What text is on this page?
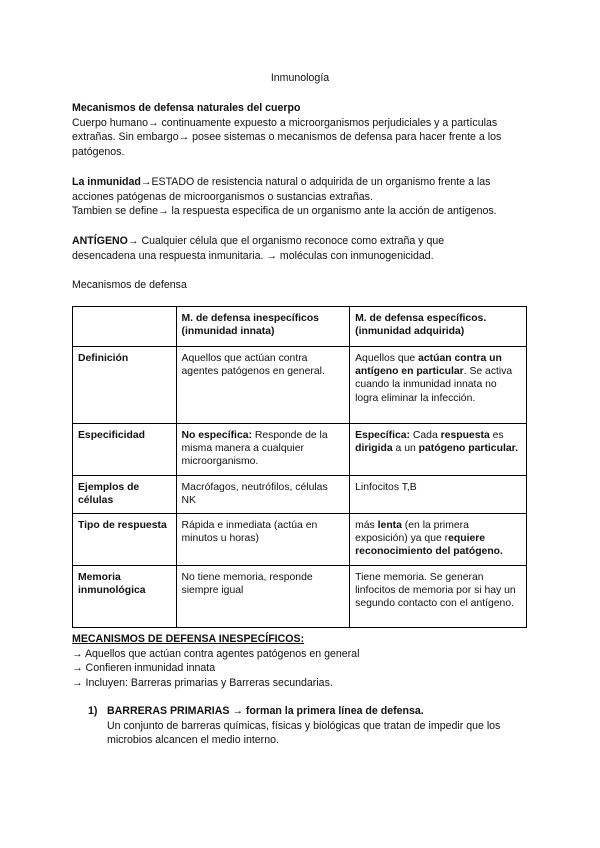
Inmunología
Mecanismos de defensa naturales del cuerpo
Cuerpo humano→ continuamente expuesto a microorganismos perjudiciales y a partículas
extrañas. Sin embargo→ posee sistemas o mecanismos de defensa para hacer frente a los
patógenos.
La inmunidad→ESTADO de resistencia natural o adquirida de un organismo frente a las
acciones patógenas de microorganismos o sustancias extrañas.
Tambien se define→ la respuesta especifica de un organismo ante la acción de antígenos.
ANTÍGENO→ Cualquier célula que el organismo reconoce como extraña y que
desencadena una respuesta inmunitaria. → moléculas con inmunogenicidad.
Mecanismos de defensa
	M. de defensa inespecíficos (inmunidad innata)	M. de defensa específicos. (inmunidad adquirida)
Definición	Aquellos que actúan contra agentes patógenos en general.	Aquellos que actúan contra un antígeno en particular. Se activa cuando la inmunidad innata no logra eliminar la infección.
Especificidad	No específica: Responde de la misma manera a cualquier microorganismo.	Específica: Cada respuesta es dirigida a un patógeno particular.
Ejemplos de células	Macrófagos, neutrófilos, células NK	Linfocitos T,B
Tipo de respuesta	Rápida e inmediata (actúa en minutos u horas)	más lenta (en la primera exposición) ya que requiere reconocimiento del patógeno.
Memoria inmunológica	No tiene memoria, responde siempre igual	Tiene memoria. Se generan linfocitos de memoria por si hay un segundo contacto con el antígeno.
MECANISMOS DE DEFENSA INESPECÍFICOS:
→ Aquellos que actúan contra agentes patógenos en general
→ Confieren inmunidad innata
→ Incluyen: Barreras primarias y Barreras secundarias.
1) BARRERAS PRIMARIAS → forman la primera línea de defensa.
Un conjunto de barreras químicas, físicas y biológicas que tratan de impedir que los
microbios alcancen el medio interno.
